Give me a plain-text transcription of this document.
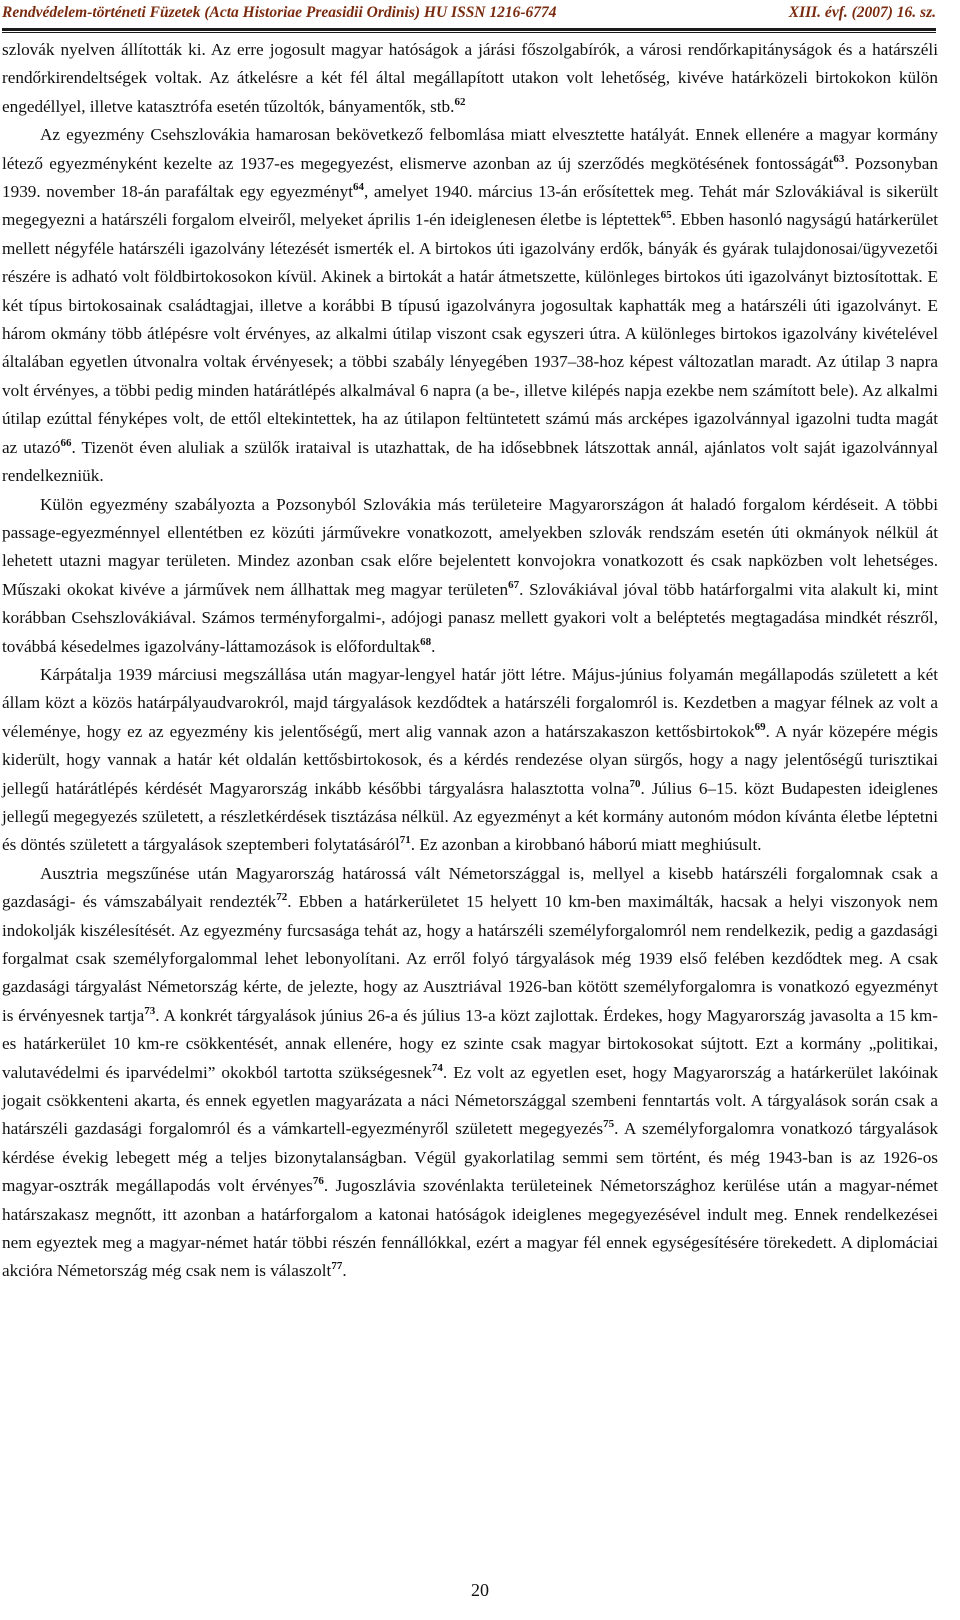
Rendvédelem-történeti Füzetek (Acta Historiae Preasidii Ordinis) HU ISSN 1216-6774	XIII. évf. (2007) 16. sz.

szlovák nyelven állították ki. Az erre jogosult magyar hatóságok a járási főszolgabírók, a városi rendőrkapitányságok és a határszéli rendőrkirendeltségek voltak. Az átkelésre a két fél által megállapított utakon volt lehetőség, kivéve határközeli birtokokon külön engedéllyel, illetve katasztrófa esetén tűzoltók, bányamentők, stb.$^{62}$

Az egyezmény Csehszlovákia hamarosan bekövetkező felbomlása miatt elvesztette hatályát. Ennek ellenére a magyar kormány létező egyezményként kezelte az 1937-es megegyezést, elismerve azonban az új szerződés megkötésének fontosságát$^{63}$. Pozsonyban 1939. november 18-án parafáltak egy egyezményt$^{64}$, amelyet 1940. március 13-án erősítettek meg. Tehát már Szlovákiával is sikerült megegyezni a határszéli forgalom elveiről, melyeket április 1-én ideiglenesen életbe is léptettek$^{65}$. Ebben hasonló nagyságú határkerület mellett négyféle határszéli igazolvány létezését ismerték el. A birtokos úti igazolvány erdők, bányák és gyárak tulajdonosai/ügyvezetői részére is adható volt földbirtokosokon kívül. Akinek a birtokát a határ átmetszette, különleges birtokos úti igazolványt biztosítottak. E két típus birtokosainak családtagjai, illetve a korábbi B típusú igazolványra jogosultak kaphatták meg a határszéli úti igazolványt. E három okmány több átlépésre volt érvényes, az alkalmi útilap viszont csak egyszeri útra. A különleges birtokos igazolvány kivételével általában egyetlen útvonalra voltak érvényesek; a többi szabály lényegében 1937–38-hoz képest változatlan maradt. Az útilap 3 napra volt érvényes, a többi pedig minden határátlépés alkalmával 6 napra (a be-, illetve kilépés napja ezekbe nem számított bele). Az alkalmi útilap ezúttal fényképes volt, de ettől eltekintettek, ha az útilapon feltüntetett számú más arcképes igazolvánnyal igazolni tudta magát az utazó$^{66}$. Tizenöt éven aluliak a szülők irataival is utazhattak, de ha idősebbnek látszottak annál, ajánlatos volt saját igazolvánnyal rendelkezniük.

Külön egyezmény szabályozta a Pozsonyból Szlovákia más területeire Magyarországon át haladó forgalom kérdéseit. A többi passage-egyezménnyel ellentétben ez közúti járművekre vonatkozott, amelyekben szlovák rendszám esetén úti okmányok nélkül át lehetett utazni magyar területen. Mindez azonban csak előre bejelentett konvojokra vonatkozott és csak napközben volt lehetséges. Műszaki okokat kivéve a járművek nem állhattak meg magyar területen$^{67}$. Szlovákiával jóval több határforgalmi vita alakult ki, mint korábban Csehszlovákiával. Számos terményforgalmi-, adójogi panasz mellett gyakori volt a beléptetés megtagadása mindkét részről, továbbá késedelmes igazolvány-láttamozások is előfordultak$^{68}$.

Kárpátalja 1939 márciusi megszállása után magyar-lengyel határ jött létre. Május-június folyamán megállapodás született a két állam közt a közös határpályaudvarokról, majd tárgyalások kezdődtek a határszéli forgalomról is. Kezdetben a magyar félnek az volt a véleménye, hogy ez az egyezmény kis jelentőségű, mert alig vannak azon a határszakaszon kettősbirtokok$^{69}$. A nyár közepére mégis kiderült, hogy vannak a határ két oldalán kettősbirtokosok, és a kérdés rendezése olyan sürgős, hogy a nagy jelentőségű turisztikai jellegű határátlépés kérdését Magyarország inkább későbbi tárgyalásra halasztotta volna$^{70}$. Július 6–15. közt Budapesten ideiglenes jellegű megegyezés született, a részletkérdések tisztázása nélkül. Az egyezményt a két kormány autonóm módon kívánta életbe léptetni és döntés született a tárgyalások szeptemberi folytatásáról$^{71}$. Ez azonban a kirobbanó háború miatt meghiúsult.

Ausztria megszűnése után Magyarország határossá vált Németországgal is, mellyel a kisebb határszéli forgalomnak csak a gazdasági- és vámszabályait rendezték$^{72}$. Ebben a határkerületet 15 helyett 10 km-ben maximálták, hacsak a helyi viszonyok nem indokolják kiszélesítését. Az egyezmény furcsasága tehát az, hogy a határszéli személyforgalomról nem rendelkezik, pedig a gazdasági forgalmat csak személyforgalommal lehet lebonyolítani. Az erről folyó tárgyalások még 1939 első felében kezdődtek meg. A csak gazdasági tárgyalást Németország kérte, de jelezte, hogy az Ausztriával 1926-ban kötött személyforgalomra is vonatkozó egyezményt is érvényesnek tartja$^{73}$. A konkrét tárgyalások június 26-a és július 13-a közt zajlottak. Érdekes, hogy Magyarország javasolta a 15 km-es határkerület 10 km-re csökkentését, annak ellenére, hogy ez szinte csak magyar birtokosokat sújtott. Ezt a kormány „politikai, valutavédelmi és iparvédelmi” okokból tartotta szükségesnek$^{74}$. Ez volt az egyetlen eset, hogy Magyarország a határkerület lakóinak jogait csökkenteni akarta, és ennek egyetlen magyarázata a náci Németországgal szembeni fenntartás volt. A tárgyalások során csak a határszéli gazdasági forgalomról és a vámkartell-egyezményről született megegyezés$^{75}$. A személyforgalomra vonatkozó tárgyalások kérdése évekig lebegett még a teljes bizonytalanságban. Végül gyakorlatilag semmi sem történt, és még 1943-ban is az 1926-os magyar-osztrák megállapodás volt érvényes$^{76}$. Jugoszlávia szovénlakta területeinek Németországhoz kerülése után a magyar-német határszakasz megnőtt, itt azonban a határforgalom a katonai hatóságok ideiglenes megegyezésével indult meg. Ennek rendelkezései nem egyeztek meg a magyar-német határ többi részén fennállókkal, ezért a magyar fél ennek egységesítésére törekedett. A diplomáciai akcióra Németország még csak nem is válaszolt$^{77}$.

20
